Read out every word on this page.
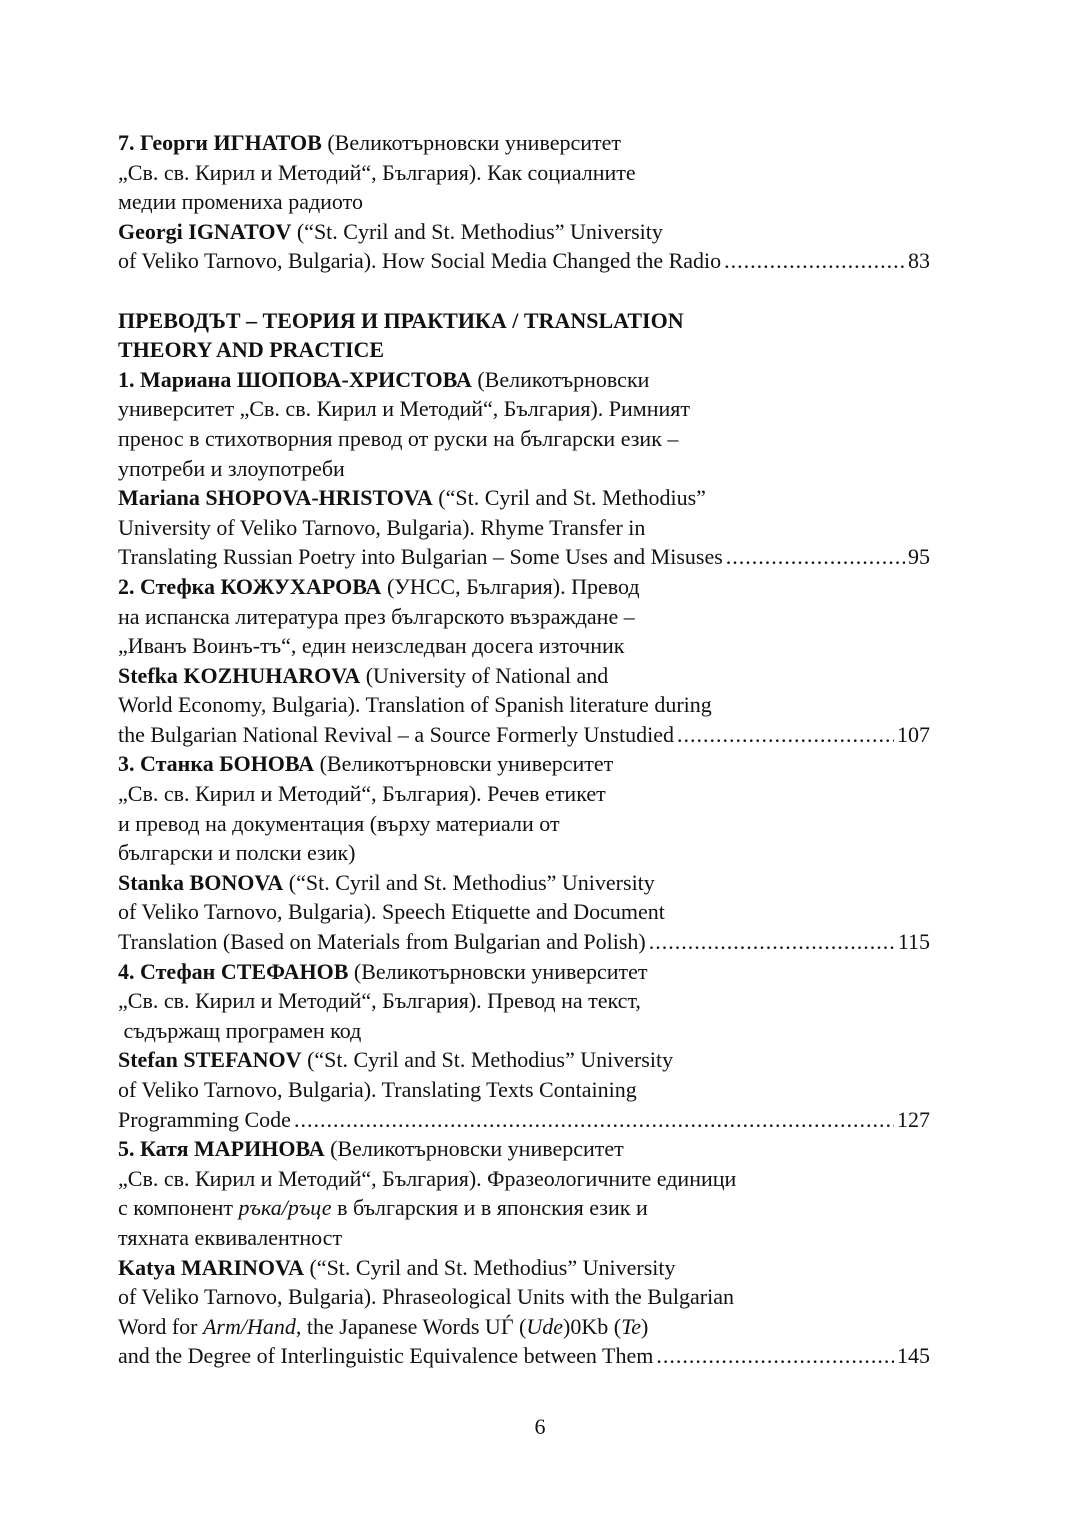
7. Георги ИГНАТОВ (Великотърновски университет
„Св. св. Кирил и Методий“, България). Как социалните
медии промениха радиото
Georgi IGNATOV (“St. Cyril and St. Methodius” University
of Veliko Tarnovo, Bulgaria). How Social Media Changed the Radio .....	83
ПРЕВОДЪТ – ТЕОРИЯ И ПРАКТИКА / TRANSLATION
THEORY AND PRACTICE
1. Мариана ШОПОВА-ХРИСТОВА (Великотърновски
университет „Св. св. Кирил и Методий“, България). Римният
пренос в стихотворния превод от руски на български език –
употреби и злоупотреби
Mariana SHOPOVA-HRISTOVA (“St. Cyril and St. Methodius”
University of Veliko Tarnovo, Bulgaria). Rhyme Transfer in
Translating Russian Poetry into Bulgarian – Some Uses and Misuses .....	95
2. Стефка КОЖУХАРОВА (УНСС, България). Превод
на испанска литература през българското възраждане –
„Иванъ Воинъ-тъ“, един неизследван досега източник
Stefka KOZHUHAROVA (University of National and
World Economy, Bulgaria). Translation of Spanish literature during
the Bulgarian National Revival – a Source Formerly Unstudied .....	107
3. Станка БОНОВА (Великотърновски университет
„Св. св. Кирил и Методий“, България). Речев етикет
и превод на документация (върху материали от
български и полски език)
Stanka BONOVA (“St. Cyril and St. Methodius” University
of Veliko Tarnovo, Bulgaria). Speech Etiquette and Document
Translation (Based on Materials from Bulgarian and Polish) .....	115
4. Стефан СТЕФАНОВ (Великотърновски университет
„Св. св. Кирил и Методий“, България). Превод на текст,
съдържащ програмен код
Stefan STEFANOV (“St. Cyril and St. Methodius” University
of Veliko Tarnovo, Bulgaria). Translating Texts Containing
Programming Code .....	127
5. Катя МАРИНОВА (Великотърновски университет
„Св. св. Кирил и Методий“, България). Фразеологичните единици
с компонент ръка/ръце в българския и в японския език и
тяхната еквивалентност
Katya MARINOVA (“St. Cyril and St. Methodius” University
of Veliko Tarnovo, Bulgaria). Phraseological Units with the Bulgarian
Word for Arm/Hand, the Japanese Words UЃ (Ude)0Kb (Te)
and the Degree of Interlinguistic Equivalence between Them .....	145
6
